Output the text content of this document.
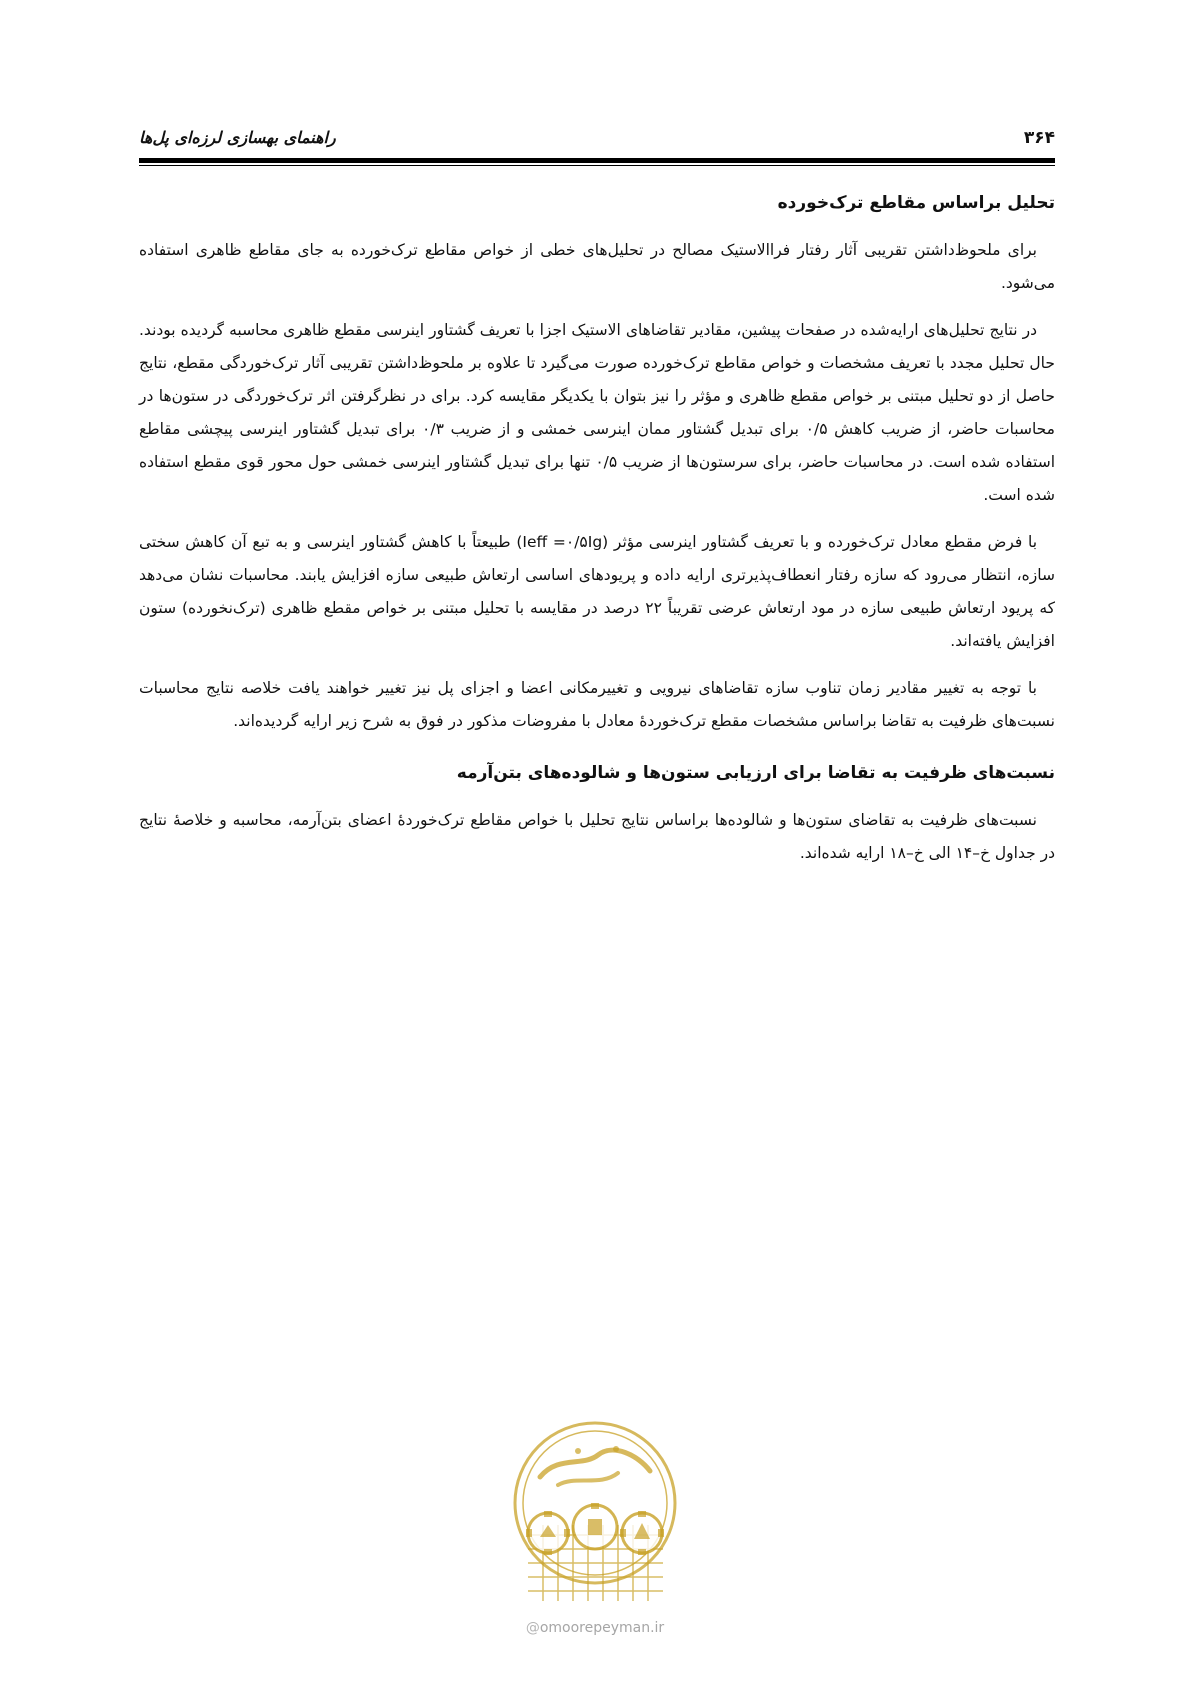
۳۶۴
راهنمای بهسازی لرزه‌ای پل‌ها
تحلیل براساس مقاطع ترک‌خورده

برای ملحوظ‌داشتن تقریبی آثار رفتار فراالاستیک مصالح در تحلیل‌های خطی از خواص مقاطع ترک‌خورده به جای مقاطع ظاهری استفاده می‌شود.

در نتایج تحلیل‌های ارایه‌شده در صفحات پیشین، مقادیر تقاضاهای الاستیک اجزا با تعریف گشتاور اینرسی مقطع ظاهری محاسبه گردیده بودند. حال تحلیل مجدد با تعریف مشخصات و خواص مقاطع ترک‌خورده صورت می‌گیرد تا علاوه بر ملحوظ‌داشتن تقریبی آثار ترک‌خوردگی مقطع، نتایج حاصل از دو تحلیل مبتنی بر خواص مقطع ظاهری و مؤثر را نیز بتوان با یکدیگر مقایسه کرد. برای در نظرگرفتن اثر ترک‌خوردگی در ستون‌ها در محاسبات حاضر، از ضریب کاهش ۰/۵ برای تبدیل گشتاور ممان اینرسی خمشی و از ضریب ۰/۳ برای تبدیل گشتاور اینرسی پیچشی مقاطع استفاده شده است. در محاسبات حاضر، برای سرستون‌ها از ضریب ۰/۵ تنها برای تبدیل گشتاور اینرسی خمشی حول محور قوی مقطع استفاده شده است.

با فرض مقطع معادل ترک‌خورده و با تعریف گشتاور اینرسی مؤثر (Ieff =۰/۵Ig) طبیعتاً با کاهش گشتاور اینرسی و به تبع آن کاهش سختی سازه، انتظار می‌رود که سازه رفتار انعطاف‌پذیرتری ارایه داده و پریودهای اساسی ارتعاش طبیعی سازه افزایش یابند. محاسبات نشان می‌دهد که پریود ارتعاش طبیعی سازه در مود ارتعاش عرضی تقریباً ۲۲ درصد در مقایسه با تحلیل مبتنی بر خواص مقطع ظاهری (ترک‌نخورده) ستون افزایش یافته‌اند.

با توجه به تغییر مقادیر زمان تناوب سازه تقاضاهای نیرویی و تغییرمکانی اعضا و اجزای پل نیز تغییر خواهند یافت خلاصه نتایج محاسبات نسبت‌های ظرفیت به تقاضا براساس مشخصات مقطع ترک‌خوردهٔ معادل با مفروضات مذکور در فوق به شرح زیر ارایه گردیده‌اند.

نسبت‌های ظرفیت به تقاضا برای ارزیابی ستون‌ها و شالوده‌های بتن‌آرمه

نسبت‌های ظرفیت به تقاضای ستون‌ها و شالوده‌ها براساس نتایج تحلیل با خواص مقاطع ترک‌خوردهٔ اعضای بتن‌آرمه، محاسبه و خلاصهٔ نتایج در جداول خ–۱۴ الی خ–۱۸ ارایه شده‌اند.

@omoorepeyman.ir
